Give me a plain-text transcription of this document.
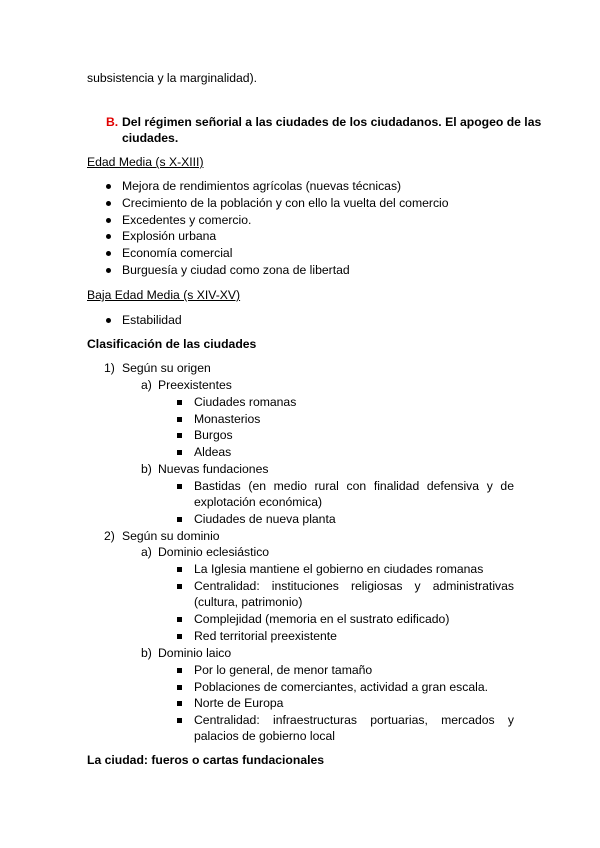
subsistencia y la marginalidad).
B. Del régimen señorial a las ciudades de los ciudadanos. El apogeo de las
ciudades.
Edad Media (s X-XIII)
Mejora de rendimientos agrícolas (nuevas técnicas)
Crecimiento de la población y con ello la vuelta del comercio
Excedentes y comercio.
Explosión urbana
Economía comercial
Burguesía y ciudad como zona de libertad
Baja Edad Media (s XIV-XV)
Estabilidad
Clasificación de las ciudades
1) Según su origen
a) Preexistentes
Ciudades romanas
Monasterios
Burgos
Aldeas
b) Nuevas fundaciones
Bastidas (en medio rural con finalidad defensiva y de
explotación económica)
Ciudades de nueva planta
2) Según su dominio
a) Dominio eclesiástico
La Iglesia mantiene el gobierno en ciudades romanas
Centralidad: instituciones religiosas y administrativas
(cultura, patrimonio)
Complejidad (memoria en el sustrato edificado)
Red territorial preexistente
b) Dominio laico
Por lo general, de menor tamaño
Poblaciones de comerciantes, actividad a gran escala.
Norte de Europa
Centralidad: infraestructuras portuarias, mercados y
palacios de gobierno local
La ciudad: fueros o cartas fundacionales
